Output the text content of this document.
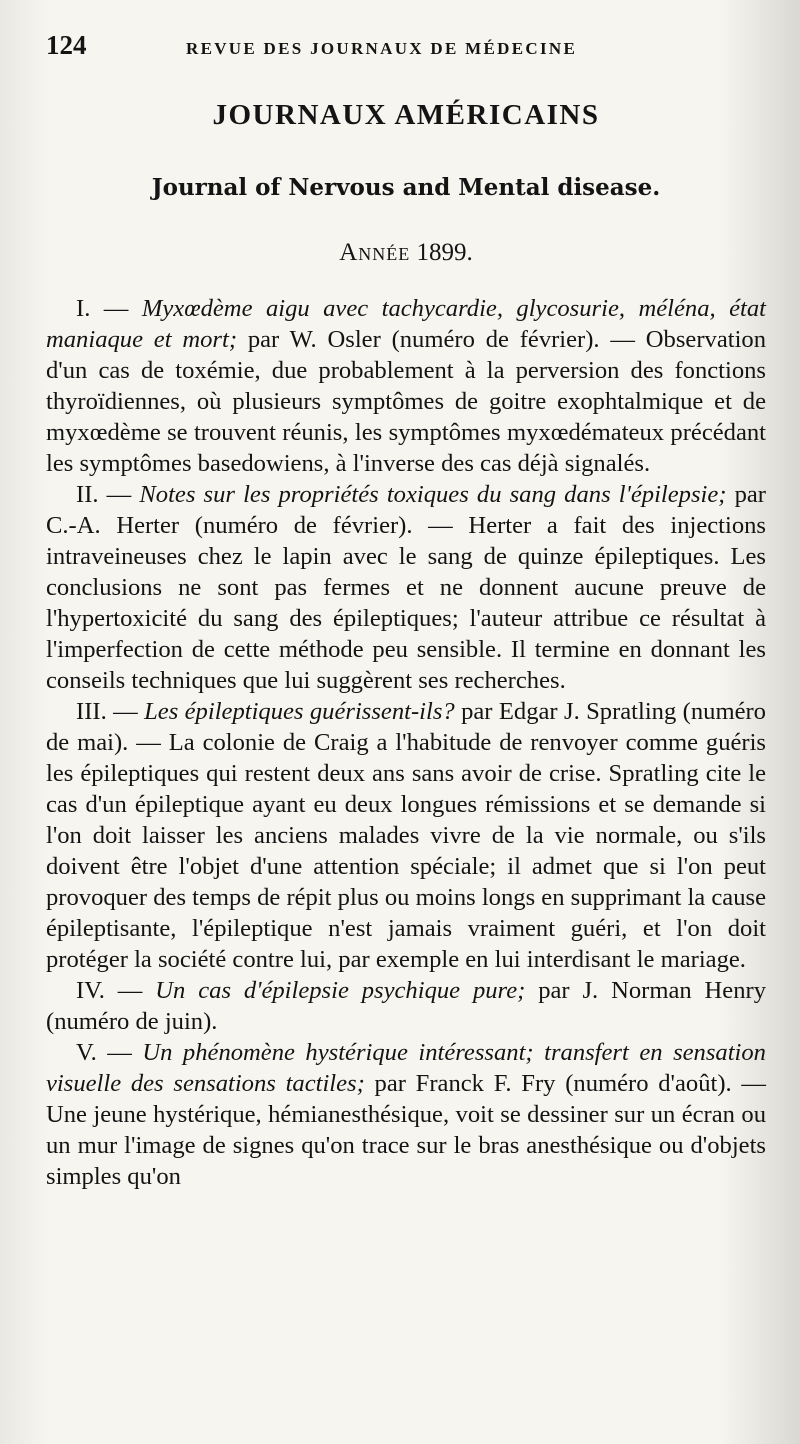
124	REVUE DES JOURNAUX DE MÉDECINE
JOURNAUX AMÉRICAINS
Journal of Nervous and Mental disease.
Année 1899.

I. — Myxœdème aigu avec tachycardie, glycosurie, méléna, état maniaque et mort; par W. Osler (numéro de février). — Observation d'un cas de toxémie, due probablement à la perversion des fonctions thyroïdiennes, où plusieurs symptômes de goitre exophtalmique et de myxœdème se trouvent réunis, les symptômes myxœdémateux précédant les symptômes basedowiens, à l'inverse des cas déjà signalés.

II. — Notes sur les propriétés toxiques du sang dans l'épilepsie; par C.-A. Herter (numéro de février). — Herter a fait des injections intraveineuses chez le lapin avec le sang de quinze épileptiques. Les conclusions ne sont pas fermes et ne donnent aucune preuve de l'hypertoxicité du sang des épileptiques; l'auteur attribue ce résultat à l'imperfection de cette méthode peu sensible. Il termine en donnant les conseils techniques que lui suggèrent ses recherches.

III. — Les épileptiques guérissent-ils? par Edgar J. Spratling (numéro de mai). — La colonie de Craig a l'habitude de renvoyer comme guéris les épileptiques qui restent deux ans sans avoir de crise. Spratling cite le cas d'un épileptique ayant eu deux longues rémissions et se demande si l'on doit laisser les anciens malades vivre de la vie normale, ou s'ils doivent être l'objet d'une attention spéciale; il admet que si l'on peut provoquer des temps de répit plus ou moins longs en supprimant la cause épileptisante, l'épileptique n'est jamais vraiment guéri, et l'on doit protéger la société contre lui, par exemple en lui interdisant le mariage.

IV. — Un cas d'épilepsie psychique pure; par J. Norman Henry (numéro de juin).

V. — Un phénomène hystérique intéressant; transfert en sensation visuelle des sensations tactiles; par Franck F. Fry (numéro d'août). — Une jeune hystérique, hémianesthésique, voit se dessiner sur un écran ou un mur l'image de signes qu'on trace sur le bras anesthésique ou d'objets simples qu'on
